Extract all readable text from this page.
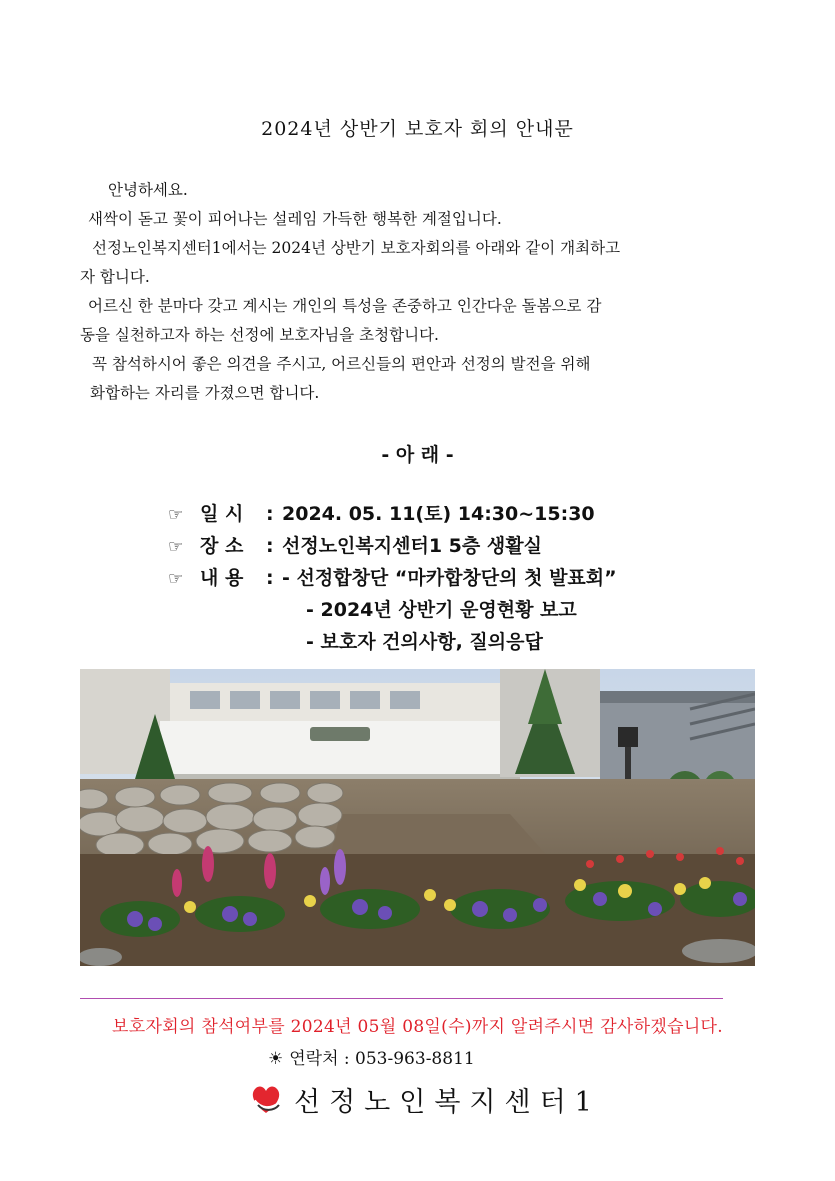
2024년 상반기 보호자 회의 안내문

안녕하세요.

새싹이 돋고 꽃이 피어나는 설레임 가득한 행복한 계절입니다.

선정노인복지센터1에서는 2024년 상반기 보호자회의를 아래와 같이 개최하고

자 합니다.

어르신 한 분마다 갖고 계시는 개인의 특성을 존중하고 인간다운 돌봄으로 감

동을 실천하고자 하는 선정에 보호자님을 초청합니다.

꼭 참석하시어 좋은 의견을 주시고, 어르신들의 편안과 선정의 발전을 위해

화합하는 자리를 가졌으면 합니다.

- 아 래 -
☞ 일 시 : 2024. 05. 11(토) 14:30~15:30
☞ 장 소 : 선정노인복지센터1 5층 생활실
☞ 내 용 : - 선정합창단 “마카합창단의 첫 발표회”
- 2024년 상반기 운영현황 보고
- 보호자 건의사항, 질의응답
보호자회의 참석여부를 2024년 05월 08일(수)까지 알려주시면 감사하겠습니다.
☀ 연락처 : 053-963-8811
선정노인복지센터1
